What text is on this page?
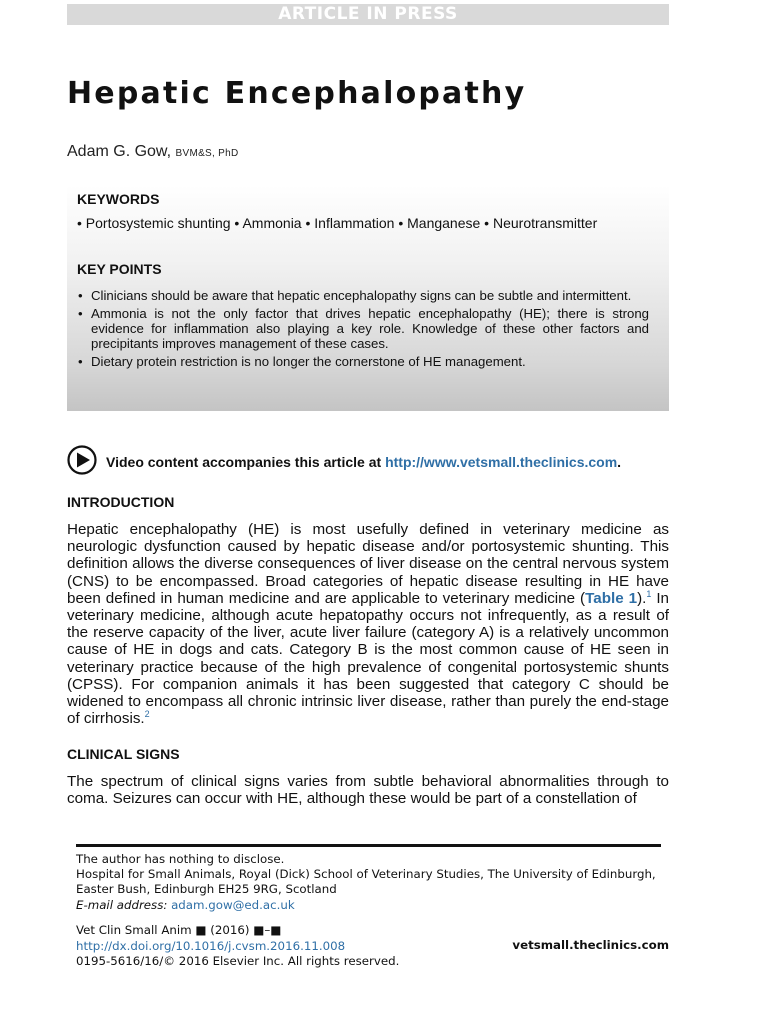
ARTICLE IN PRESS
Hepatic Encephalopathy
Adam G. Gow, BVM&S, PhD
KEYWORDS
• Portosystemic shunting • Ammonia • Inflammation • Manganese • Neurotransmitter
KEY POINTS
• Clinicians should be aware that hepatic encephalopathy signs can be subtle and intermittent.
• Ammonia is not the only factor that drives hepatic encephalopathy (HE); there is strong evidence for inflammation also playing a key role. Knowledge of these other factors and precipitants improves management of these cases.
• Dietary protein restriction is no longer the cornerstone of HE management.
Video content accompanies this article at http://www.vetsmall.theclinics.com.
INTRODUCTION

Hepatic encephalopathy (HE) is most usefully defined in veterinary medicine as neurologic dysfunction caused by hepatic disease and/or portosystemic shunting. This definition allows the diverse consequences of liver disease on the central nervous system (CNS) to be encompassed. Broad categories of hepatic disease resulting in HE have been defined in human medicine and are applicable to veterinary medicine (Table 1).$^1$ In veterinary medicine, although acute hepatopathy occurs not infrequently, as a result of the reserve capacity of the liver, acute liver failure (category A) is a relatively uncommon cause of HE in dogs and cats. Category B is the most common cause of HE seen in veterinary practice because of the high prevalence of congenital portosystemic shunts (CPSS). For companion animals it has been suggested that category C should be widened to encompass all chronic intrinsic liver disease, rather than purely the end-stage of cirrhosis.$^2$

CLINICAL SIGNS

The spectrum of clinical signs varies from subtle behavioral abnormalities through to coma. Seizures can occur with HE, although these would be part of a constellation of

The author has nothing to disclose.

Hospital for Small Animals, Royal (Dick) School of Veterinary Studies, The University of Edinburgh, Easter Bush, Edinburgh EH25 9RG, Scotland

E-mail address: adam.gow@ed.ac.uk

Vet Clin Small Anim ■ (2016) ■–■
http://dx.doi.org/10.1016/j.cvsm.2016.11.008
0195-5616/16/© 2016 Elsevier Inc. All rights reserved.
vetsmall.theclinics.com
